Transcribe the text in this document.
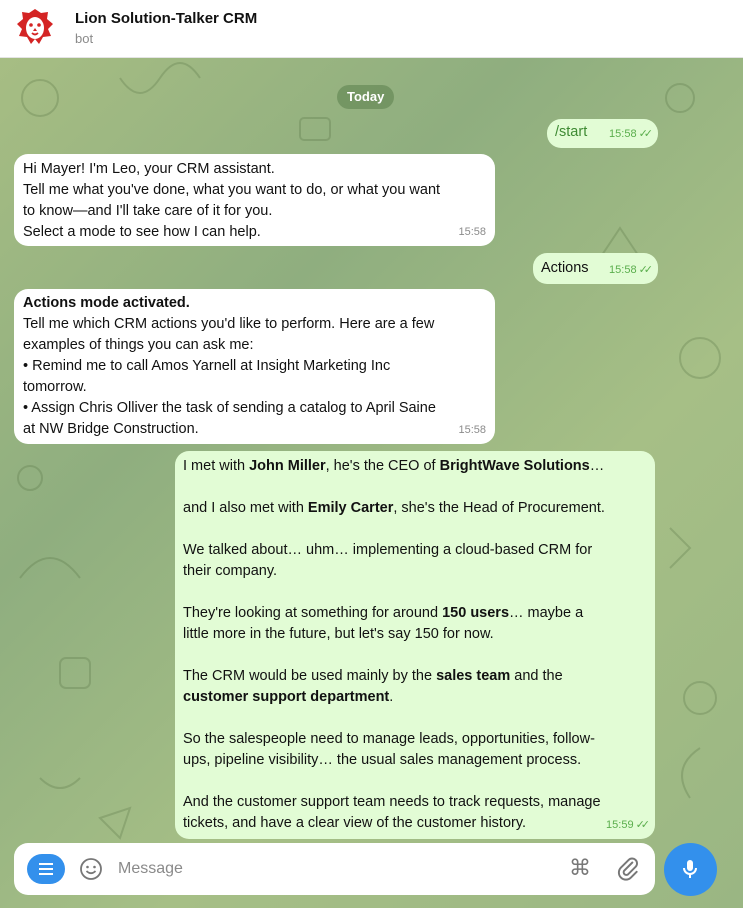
Lion Solution-Talker CRM
bot
Today
/start 15:58 ✓✓
Hi Mayer! I'm Leo, your CRM assistant.
Tell me what you've done, what you want to do, or what you want
to know—and I'll take care of it for you.
Select a mode to see how I can help.	15:58
Actions 15:58 ✓✓
Actions mode activated.
Tell me which CRM actions you'd like to perform. Here are a few
examples of things you can ask me:
• Remind me to call Amos Yarnell at Insight Marketing Inc
tomorrow.
• Assign Chris Olliver the task of sending a catalog to April Saine
at NW Bridge Construction.	15:58
I met with John Miller, he's the CEO of BrightWave Solutions…
and I also met with Emily Carter, she's the Head of Procurement.
We talked about… uhm… implementing a cloud-based CRM for
their company.
They're looking at something for around 150 users… maybe a
little more in the future, but let's say 150 for now.
The CRM would be used mainly by the sales team and the
customer support department.
So the salespeople need to manage leads, opportunities, follow-
ups, pipeline visibility… the usual sales management process.
And the customer support team needs to track requests, manage
tickets, and have a clear view of the customer history.	15:59 ✓✓
Message
⌘
